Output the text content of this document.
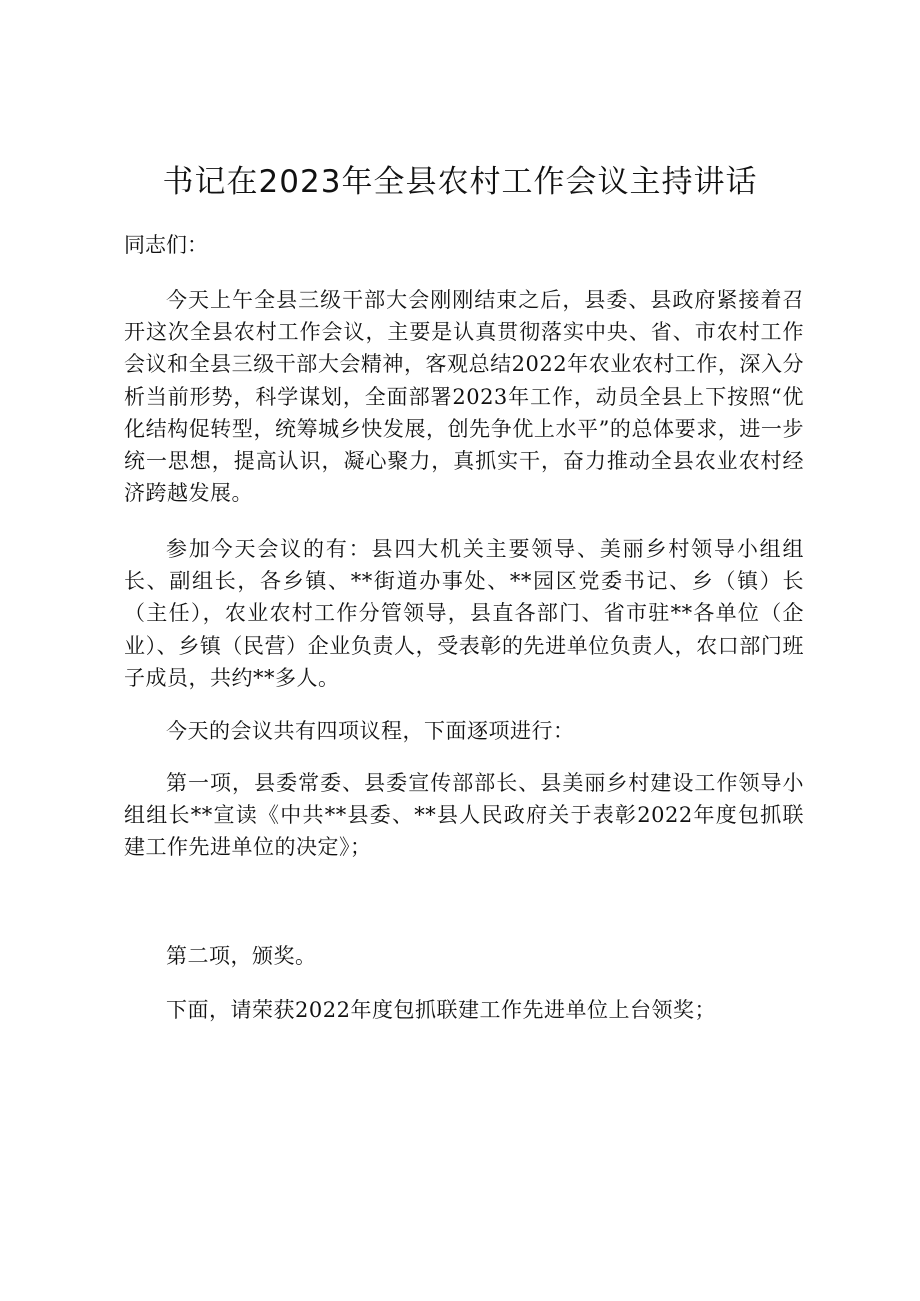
书记在2023年全县农村工作会议主持讲话
同志们：

今天上午全县三级干部大会刚刚结束之后，县委、县政府紧接着召开这次全县农村工作会议，主要是认真贯彻落实中央、省、市农村工作会议和全县三级干部大会精神，客观总结2022年农业农村工作，深入分析当前形势，科学谋划，全面部署2023年工作，动员全县上下按照“优化结构促转型，统筹城乡快发展，创先争优上水平”的总体要求，进一步统一思想，提高认识，凝心聚力，真抓实干，奋力推动全县农业农村经济跨越发展。

参加今天会议的有：县四大机关主要领导、美丽乡村领导小组组长、副组长，各乡镇、**街道办事处、**园区党委书记、乡（镇）长（主任），农业农村工作分管领导，县直各部门、省市驻**各单位（企业）、乡镇（民营）企业负责人，受表彰的先进单位负责人，农口部门班子成员，共约**多人。

今天的会议共有四项议程，下面逐项进行：

第一项，县委常委、县委宣传部部长、县美丽乡村建设工作领导小组组长**宣读《中共**县委、**县人民政府关于表彰2022年度包抓联建工作先进单位的决定》；

第二项，颁奖。

下面，请荣获2022年度包抓联建工作先进单位上台领奖；
